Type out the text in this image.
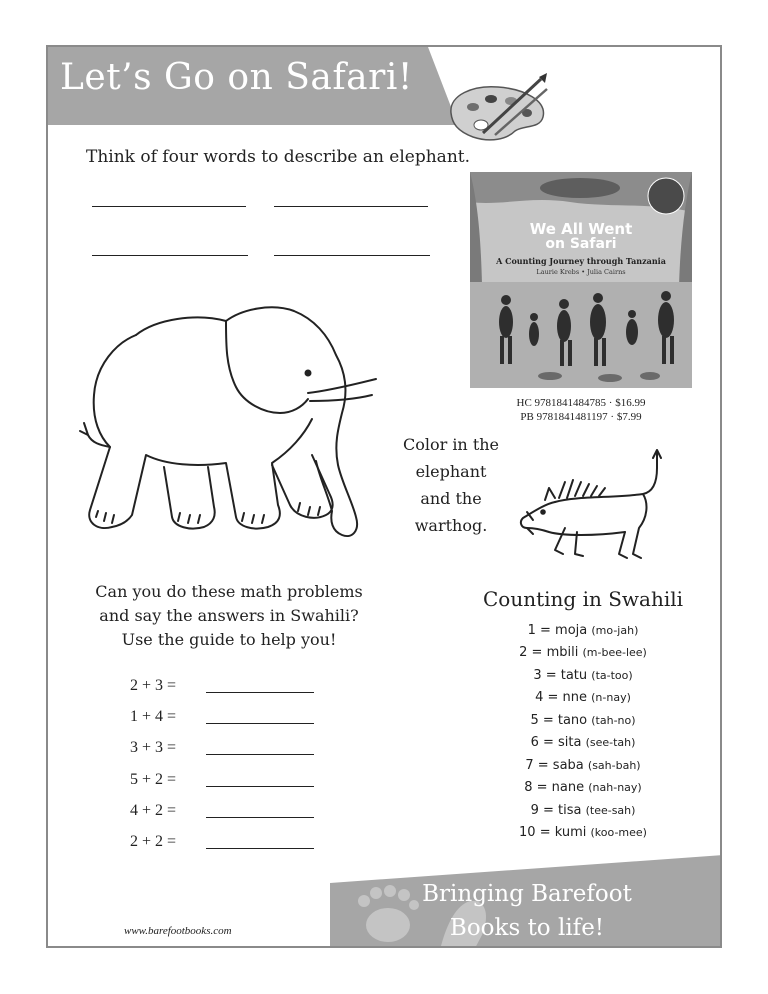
Let’s Go on Safari!
Think of four words to describe an elephant.
We All Went
on Safari
A Counting Journey through Tanzania
Laurie Krebs • Julia Cairns
HC 9781841484785 · $16.99
PB 9781841481197 · $7.99
Color in the
elephant
and the
warthog.
Can you do these math problems
and say the answers in Swahili?
Use the guide to help you!
2 + 3 =
1 + 4 =
3 + 3 =
5 + 2 =
4 + 2 =
2 + 2 =
Counting in Swahili
1 = moja (mo-jah)
2 = mbili (m-bee-lee)
3 = tatu (ta-too)
4 = nne (n-nay)
5 = tano (tah-no)
6 = sita (see-tah)
7 = saba (sah-bah)
8 = nane (nah-nay)
9 = tisa (tee-sah)
10 = kumi (koo-mee)
Bringing Barefoot
Books to life!
www.barefootbooks.com
